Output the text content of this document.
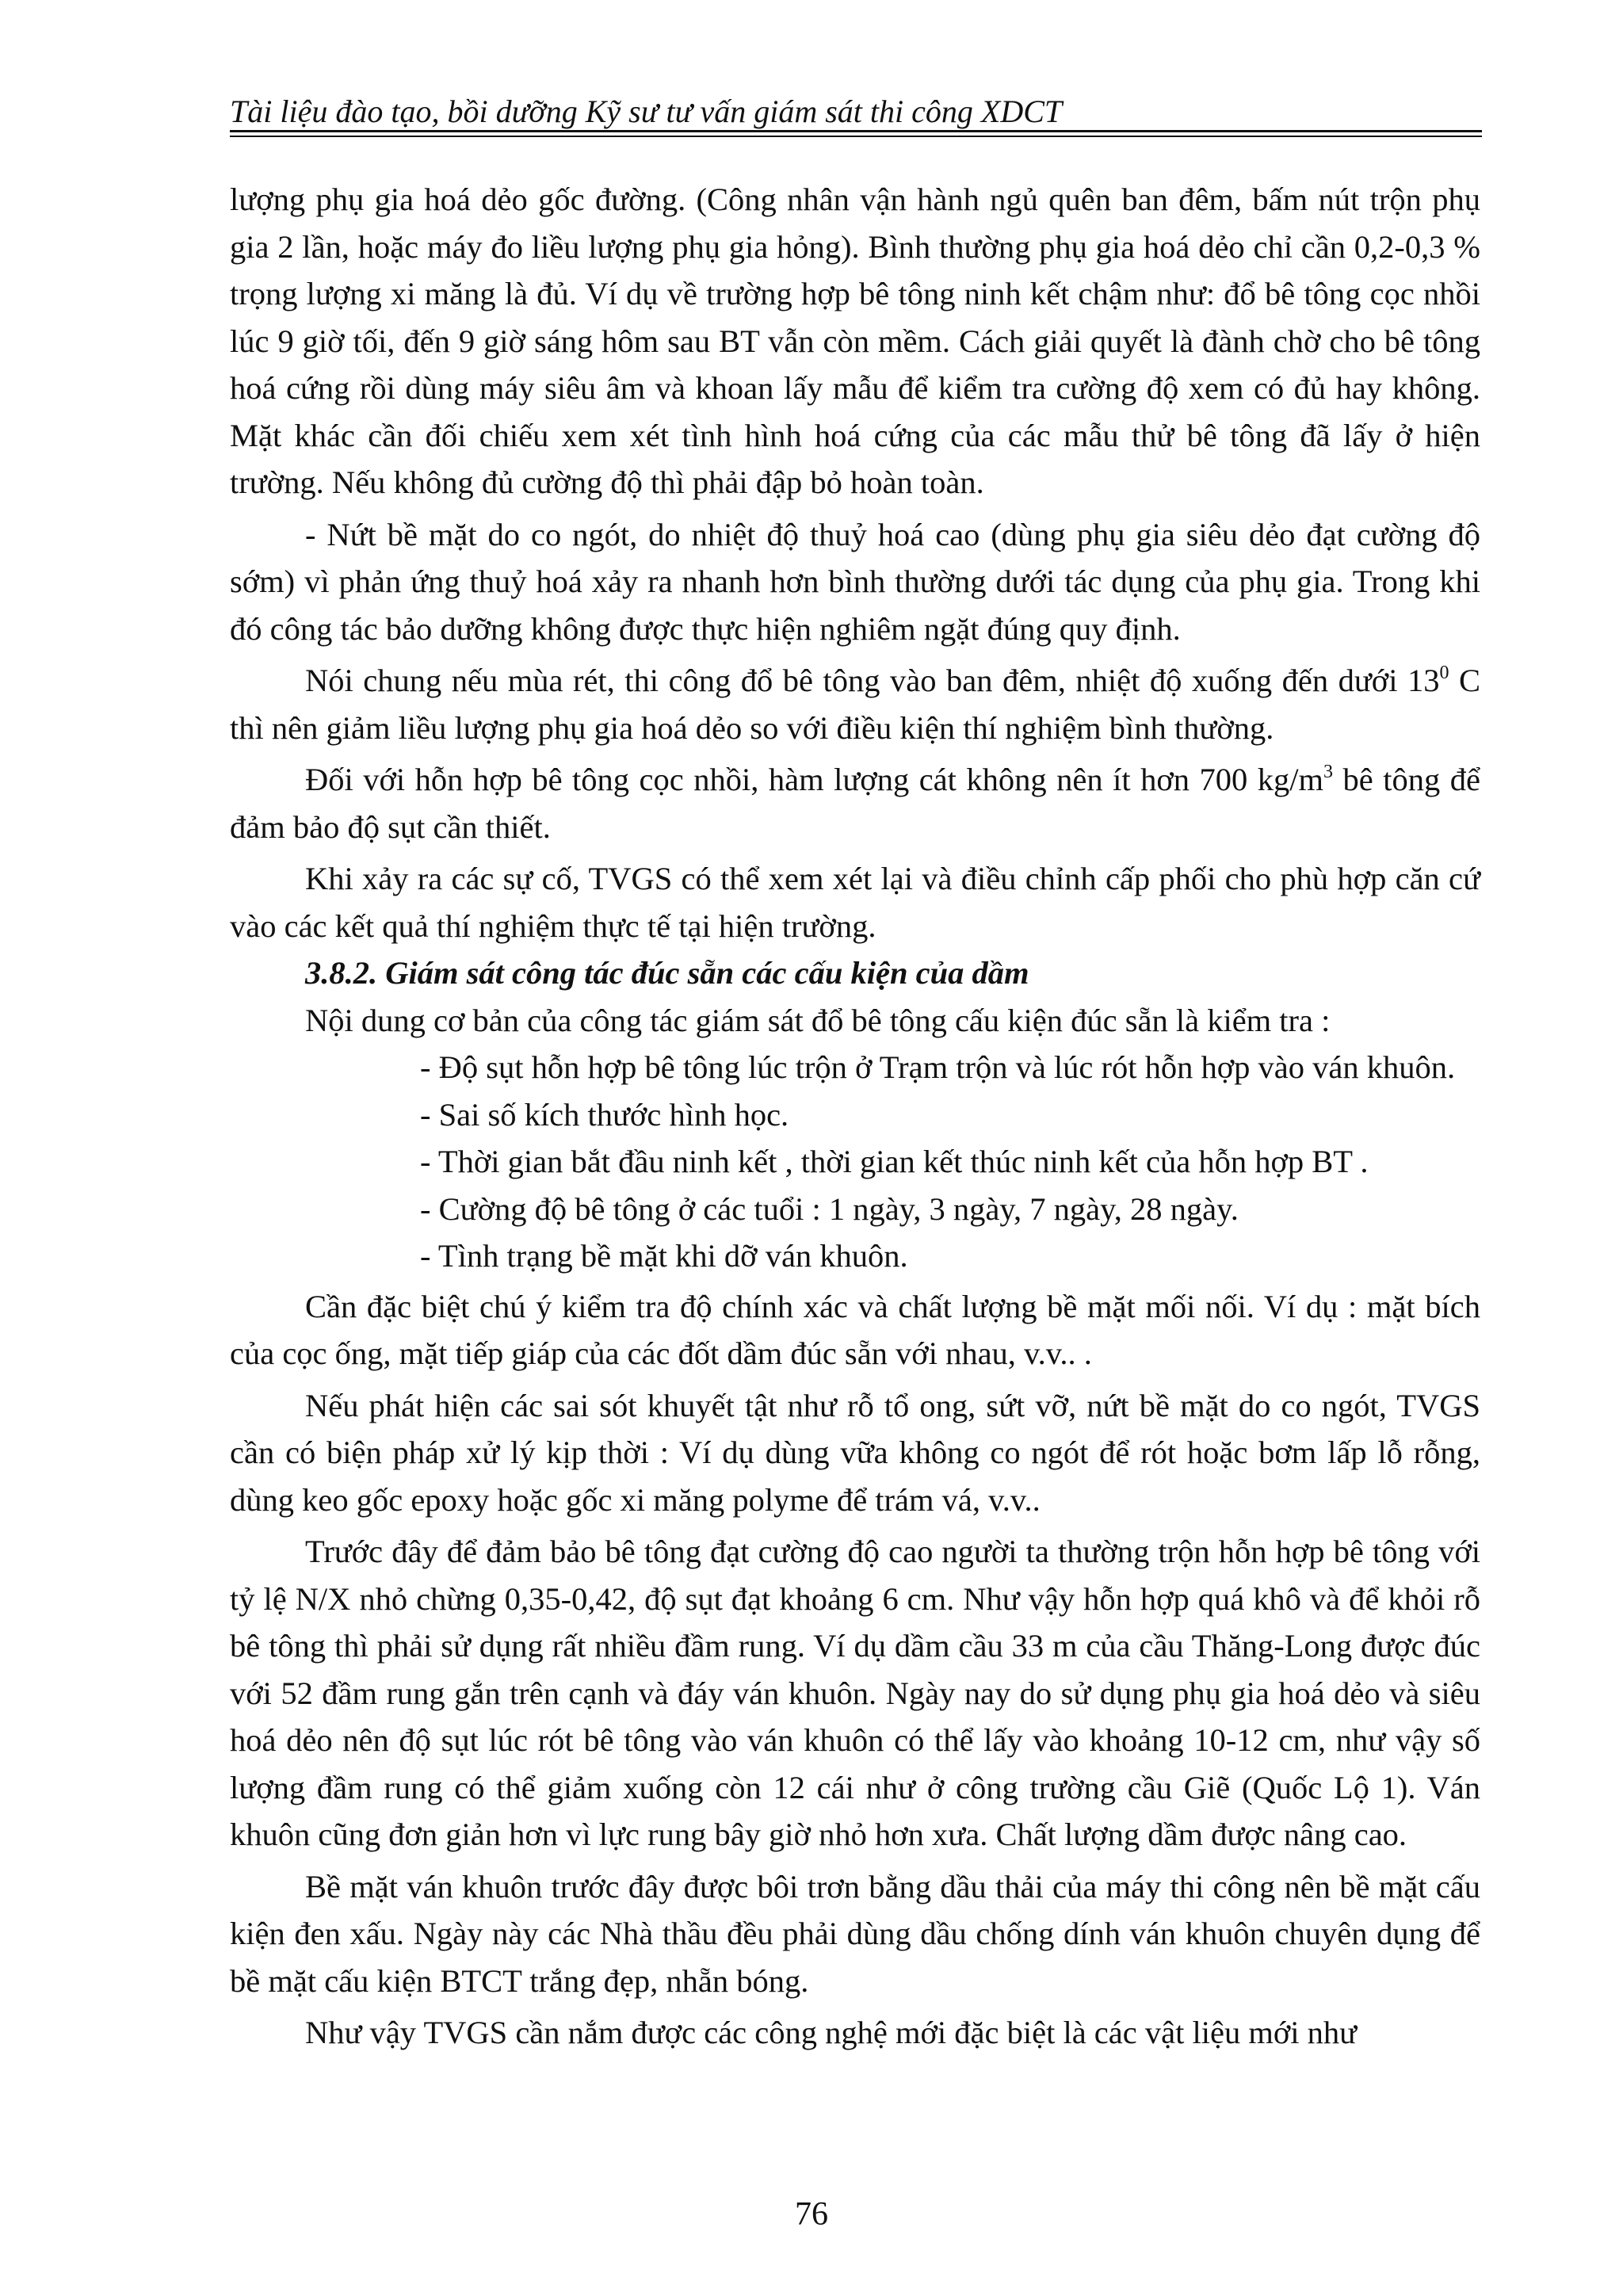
Tài liệu đào tạo, bồi dưỡng Kỹ sư tư vấn giám sát thi công XDCT

lượng phụ gia hoá dẻo gốc đường. (Công nhân vận hành ngủ quên ban đêm, bấm nút trộn phụ gia 2 lần, hoặc máy đo liều lượng phụ gia hỏng). Bình thường phụ gia hoá dẻo chỉ cần 0,2-0,3 % trọng lượng xi măng là đủ. Ví dụ về trường hợp bê tông ninh kết chậm như: đổ bê tông cọc nhồi lúc 9 giờ tối, đến 9 giờ sáng hôm sau BT vẫn còn mềm. Cách giải quyết là đành chờ cho bê tông hoá cứng rồi dùng máy siêu âm và khoan lấy mẫu để kiểm tra cường độ xem có đủ hay không. Mặt khác cần đối chiếu xem xét tình hình hoá cứng của các mẫu thử bê tông đã lấy ở hiện trường. Nếu không đủ cường độ thì phải đập bỏ hoàn toàn.

- Nứt bề mặt do co ngót, do nhiệt độ thuỷ hoá cao (dùng phụ gia siêu dẻo đạt cường độ sớm) vì phản ứng thuỷ hoá xảy ra nhanh hơn bình thường dưới tác dụng của phụ gia. Trong khi đó công tác bảo dưỡng không được thực hiện nghiêm ngặt đúng quy định.

Nói chung nếu mùa rét, thi công đổ bê tông vào ban đêm, nhiệt độ xuống đến dưới $13^0$ C thì nên giảm liều lượng phụ gia hoá dẻo so với điều kiện thí nghiệm bình thường.

Đối với hỗn hợp bê tông cọc nhồi, hàm lượng cát không nên ít hơn 700 $kg/m^3$ bê tông để đảm bảo độ sụt cần thiết.

Khi xảy ra các sự cố, TVGS có thể xem xét lại và điều chỉnh cấp phối cho phù hợp căn cứ vào các kết quả thí nghiệm thực tế tại hiện trường.

3.8.2. Giám sát công tác đúc sẵn các cấu kiện của dầm

Nội dung cơ bản của công tác giám sát đổ bê tông cấu kiện đúc sẵn là kiểm tra :

- Độ sụt hỗn hợp bê tông lúc trộn ở Trạm trộn và lúc rót hỗn hợp vào ván khuôn.

- Sai số kích thước hình học.

- Thời gian bắt đầu ninh kết , thời gian kết thúc ninh kết của hỗn hợp BT .

- Cường độ bê tông ở các tuổi : 1 ngày, 3 ngày, 7 ngày, 28 ngày.

- Tình trạng bề mặt khi dỡ ván khuôn.

Cần đặc biệt chú ý kiểm tra độ chính xác và chất lượng bề mặt mối nối. Ví dụ : mặt bích của cọc ống, mặt tiếp giáp của các đốt dầm đúc sẵn với nhau, v.v.. .

Nếu phát hiện các sai sót khuyết tật như rỗ tổ ong, sứt vỡ, nứt bề mặt do co ngót, TVGS cần có biện pháp xử lý kịp thời : Ví dụ dùng vữa không co ngót để rót hoặc bơm lấp lỗ rỗng, dùng keo gốc epoxy hoặc gốc xi măng polyme để trám vá, v.v..

Trước đây để đảm bảo bê tông đạt cường độ cao người ta thường trộn hỗn hợp bê tông với tỷ lệ N/X nhỏ chừng 0,35-0,42, độ sụt đạt khoảng 6 cm. Như vậy hỗn hợp quá khô và để khỏi rỗ bê tông thì phải sử dụng rất nhiều đầm rung. Ví dụ dầm cầu 33 m của cầu Thăng-Long được đúc với 52 đầm rung gắn trên cạnh và đáy ván khuôn. Ngày nay do sử dụng phụ gia hoá dẻo và siêu hoá dẻo nên độ sụt lúc rót bê tông vào ván khuôn có thể lấy vào khoảng 10-12 cm, như vậy số lượng đầm rung có thể giảm xuống còn 12 cái như ở công trường cầu Giẽ (Quốc Lộ 1). Ván khuôn cũng đơn giản hơn vì lực rung bây giờ nhỏ hơn xưa. Chất lượng dầm được nâng cao.

Bề mặt ván khuôn trước đây được bôi trơn bằng dầu thải của máy thi công nên bề mặt cấu kiện đen xấu. Ngày này các Nhà thầu đều phải dùng dầu chống dính ván khuôn chuyên dụng để bề mặt cấu kiện BTCT trắng đẹp, nhẵn bóng.

Như vậy TVGS cần nắm được các công nghệ mới đặc biệt là các vật liệu mới như

76
